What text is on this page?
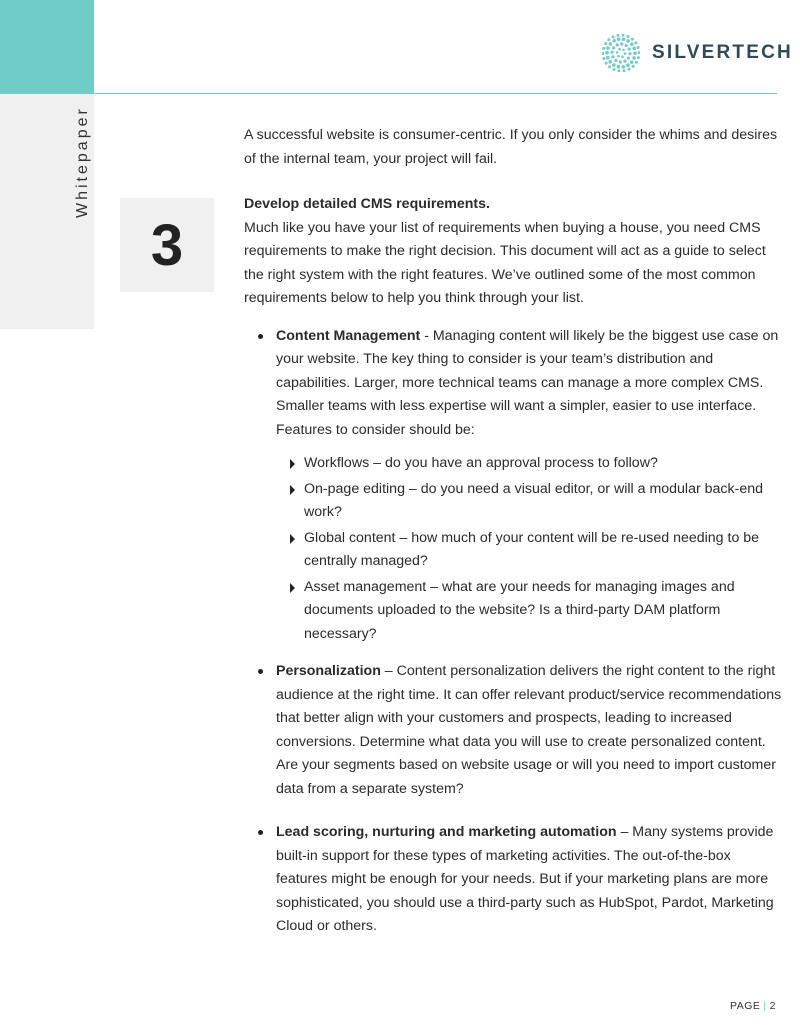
Whitepaper
SILVERTECH
3

A successful website is consumer-centric. If you only consider the whims and desires of the internal team, your project will fail.

Develop detailed CMS requirements.

Much like you have your list of requirements when buying a house, you need CMS requirements to make the right decision. This document will act as a guide to select the right system with the right features. We’ve outlined some of the most common requirements below to help you think through your list.

Content Management - Managing content will likely be the biggest use case on your website. The key thing to consider is your team’s distribution and capabilities. Larger, more technical teams can manage a more complex CMS. Smaller teams with less expertise will want a simpler, easier to use interface. Features to consider should be:
Workflows – do you have an approval process to follow?
On-page editing – do you need a visual editor, or will a modular back-end work?
Global content – how much of your content will be re-used needing to be centrally managed?
Asset management – what are your needs for managing images and documents uploaded to the website? Is a third-party DAM platform necessary?
Personalization – Content personalization delivers the right content to the right audience at the right time. It can offer relevant product/service recommendations that better align with your customers and prospects, leading to increased conversions. Determine what data you will use to create personalized content. Are your segments based on website usage or will you need to import customer data from a separate system?
Lead scoring, nurturing and marketing automation – Many systems provide built-in support for these types of marketing activities. The out-of-the-box features might be enough for your needs. But if your marketing plans are more sophisticated, you should use a third-party such as HubSpot, Pardot, Marketing Cloud or others.
PAGE | 2
